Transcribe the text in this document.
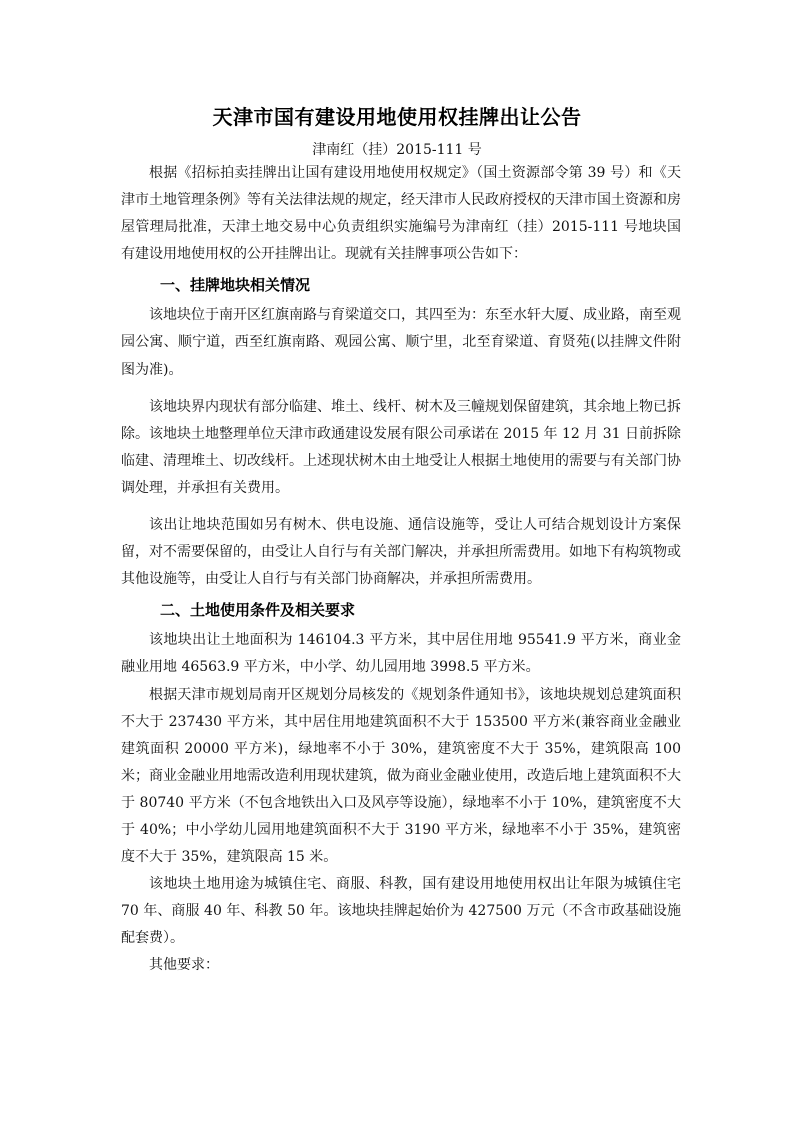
天津市国有建设用地使用权挂牌出让公告
津南红（挂）2015-111 号

根据《招标拍卖挂牌出让国有建设用地使用权规定》（国土资源部令第 39 号）和《天津市土地管理条例》等有关法律法规的规定，经天津市人民政府授权的天津市国土资源和房屋管理局批准，天津土地交易中心负责组织实施编号为津南红（挂）2015-111 号地块国有建设用地使用权的公开挂牌出让。现就有关挂牌事项公告如下：

一、挂牌地块相关情况

该地块位于南开区红旗南路与育梁道交口，其四至为：东至水轩大厦、成业路，南至观园公寓、顺宁道，西至红旗南路、观园公寓、顺宁里，北至育梁道、育贤苑(以挂牌文件附图为准)。

该地块界内现状有部分临建、堆土、线杆、树木及三幢规划保留建筑，其余地上物已拆除。该地块土地整理单位天津市政通建设发展有限公司承诺在 2015 年 12 月 31 日前拆除临建、清理堆土、切改线杆。上述现状树木由土地受让人根据土地使用的需要与有关部门协调处理，并承担有关费用。

该出让地块范围如另有树木、供电设施、通信设施等，受让人可结合规划设计方案保留，对不需要保留的，由受让人自行与有关部门解决，并承担所需费用。如地下有构筑物或其他设施等，由受让人自行与有关部门协商解决，并承担所需费用。

二、土地使用条件及相关要求

该地块出让土地面积为 146104.3 平方米，其中居住用地 95541.9 平方米，商业金融业用地 46563.9 平方米，中小学、幼儿园用地 3998.5 平方米。

根据天津市规划局南开区规划分局核发的《规划条件通知书》，该地块规划总建筑面积不大于 237430 平方米，其中居住用地建筑面积不大于 153500 平方米(兼容商业金融业建筑面积 20000 平方米)，绿地率不小于 30%，建筑密度不大于 35%，建筑限高 100 米；商业金融业用地需改造利用现状建筑，做为商业金融业使用，改造后地上建筑面积不大于 80740 平方米（不包含地铁出入口及风亭等设施），绿地率不小于 10%，建筑密度不大于 40%；中小学幼儿园用地建筑面积不大于 3190 平方米，绿地率不小于 35%，建筑密度不大于 35%，建筑限高 15 米。

该地块土地用途为城镇住宅、商服、科教，国有建设用地使用权出让年限为城镇住宅 70 年、商服 40 年、科教 50 年。该地块挂牌起始价为 427500 万元（不含市政基础设施配套费）。

其他要求：
